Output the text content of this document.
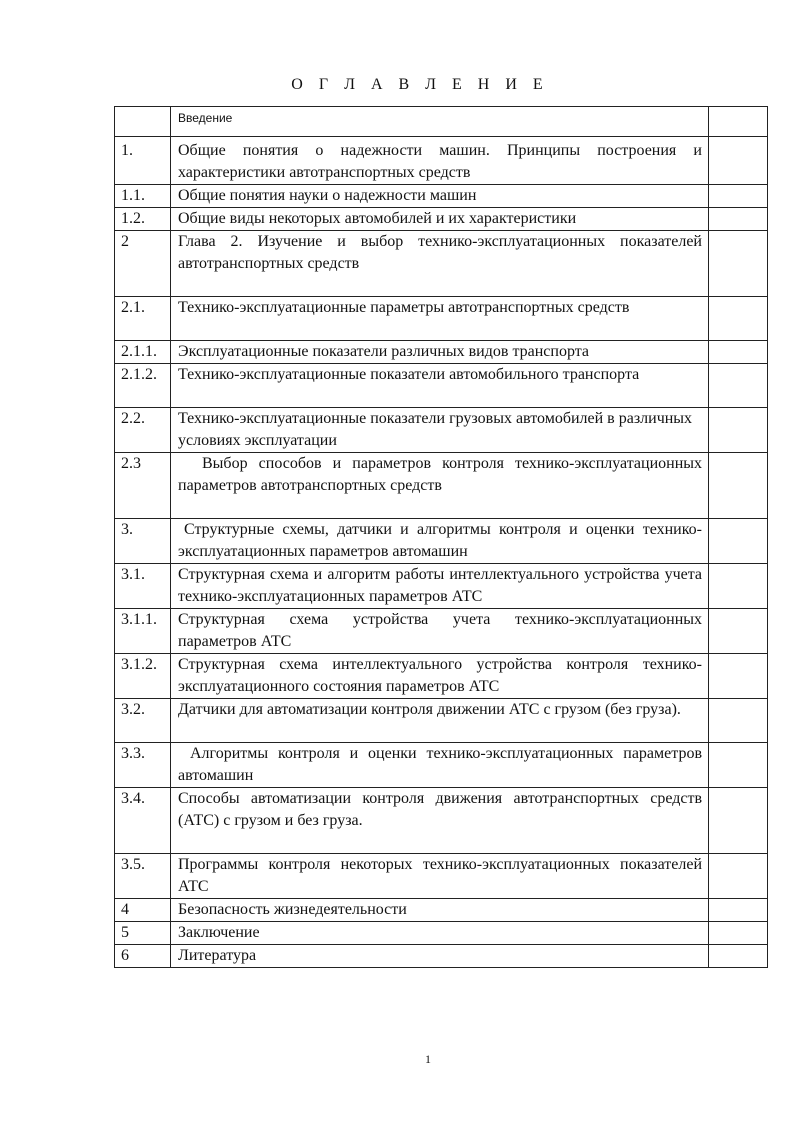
О Г Л А В Л Е Н И Е
	Введение	
1.	Общие понятия о надежности машин. Принципы построения и характеристики автотранспортных средств	
1.1.	Общие понятия науки о надежности машин	
1.2.	Общие виды некоторых автомобилей и их характеристики	
2	Глава 2. Изучение и выбор технико-эксплуатационных показателей автотранспортных средств	
2.1.	Технико-эксплуатационные параметры автотранспортных средств	
2.1.1.	Эксплуатационные показатели различных видов транспорта	
2.1.2.	Технико-эксплуатационные показатели автомобильного транспорта	
2.2.	Технико-эксплуатационные показатели грузовых автомобилей в различных условиях эксплуатации	
2.3	Выбор способов и параметров контроля технико-эксплуатационных параметров автотранспортных средств	
3.	Структурные схемы, датчики и алгоритмы контроля и оценки технико-эксплуатационных параметров автомашин	
3.1.	Структурная схема и алгоритм работы интеллектуального устройства учета технико-эксплуатационных параметров АТС	
3.1.1.	Структурная схема устройства учета технико-эксплуатационных параметров АТС	
3.1.2.	Структурная схема интеллектуального устройства контроля технико-эксплуатационного состояния параметров АТС	
3.2.	Датчики для автоматизации контроля движении АТС с грузом (без груза).	
3.3.	Алгоритмы контроля и оценки технико-эксплуатационных параметров автомашин	
3.4.	Способы автоматизации контроля движения автотранспортных средств (АТС) с грузом и без груза.	
3.5.	Программы контроля некоторых технико-эксплуатационных показателей АТС	
4	Безопасность жизнедеятельности	
5	Заключение	
6	Литература	
1
